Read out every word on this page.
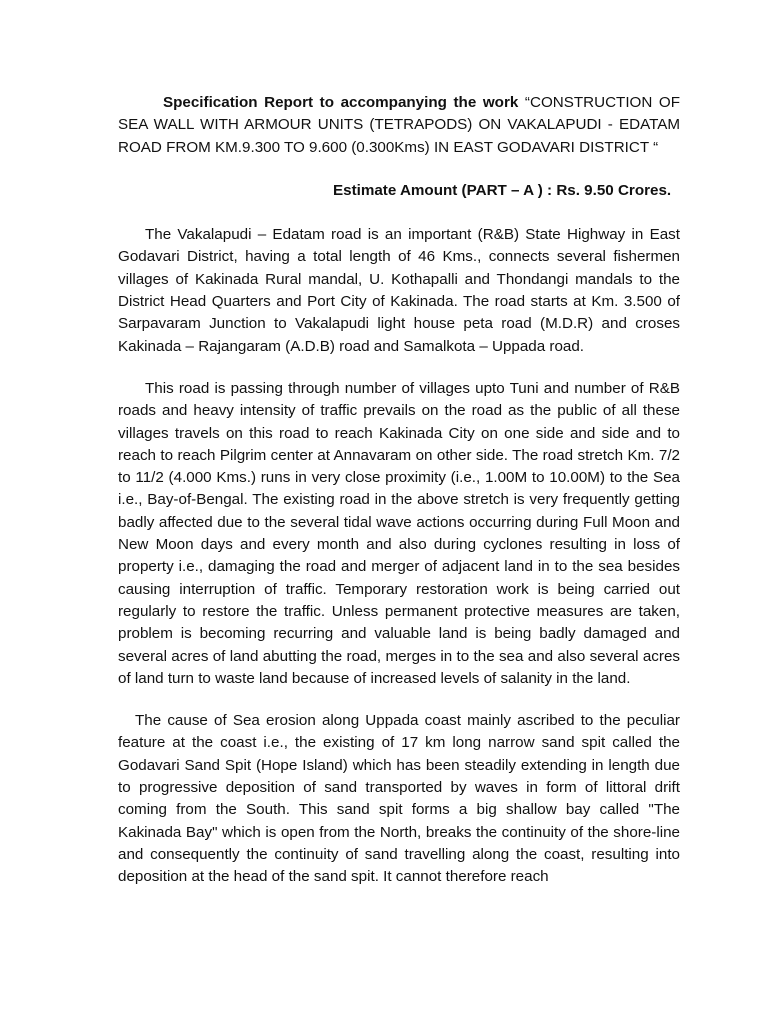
Specification Report to accompanying the work “CONSTRUCTION OF SEA WALL WITH ARMOUR UNITS (TETRAPODS) ON VAKALAPUDI - EDATAM ROAD FROM KM.9.300 TO 9.600 (0.300Kms) IN EAST GODAVARI DISTRICT “

Estimate Amount (PART – A ) : Rs. 9.50 Crores.

The Vakalapudi – Edatam road is an important (R&B) State Highway in East Godavari District, having a total length of 46 Kms., connects several fishermen villages of Kakinada Rural mandal, U. Kothapalli and Thondangi mandals to the District Head Quarters and Port City of Kakinada. The road starts at Km. 3.500 of Sarpavaram Junction to Vakalapudi light house peta road (M.D.R) and croses Kakinada – Rajangaram (A.D.B) road and Samalkota – Uppada road.

This road is passing through number of villages upto Tuni and number of R&B roads and heavy intensity of traffic prevails on the road as the public of all these villages travels on this road to reach Kakinada City on one side and side and to reach to reach Pilgrim center at Annavaram on other side. The road stretch Km. 7/2 to 11/2 (4.000 Kms.) runs in very close proximity (i.e., 1.00M to 10.00M) to the Sea i.e., Bay-of-Bengal. The existing road in the above stretch is very frequently getting badly affected due to the several tidal wave actions occurring during Full Moon and New Moon days and every month and also during cyclones resulting in loss of property i.e., damaging the road and merger of adjacent land in to the sea besides causing interruption of traffic. Temporary restoration work is being carried out regularly to restore the traffic. Unless permanent protective measures are taken, problem is becoming recurring and valuable land is being badly damaged and several acres of land abutting the road, merges in to the sea and also several acres of land turn to waste land because of increased levels of salanity in the land.

The cause of Sea erosion along Uppada coast mainly ascribed to the peculiar feature at the coast i.e., the existing of 17 km long narrow sand spit called the Godavari Sand Spit (Hope Island) which has been steadily extending in length due to progressive deposition of sand transported by waves in form of littoral drift coming from the South. This sand spit forms a big shallow bay called "The Kakinada Bay" which is open from the North, breaks the continuity of the shore-line and consequently the continuity of sand travelling along the coast, resulting into deposition at the head of the sand spit. It cannot therefore reach
